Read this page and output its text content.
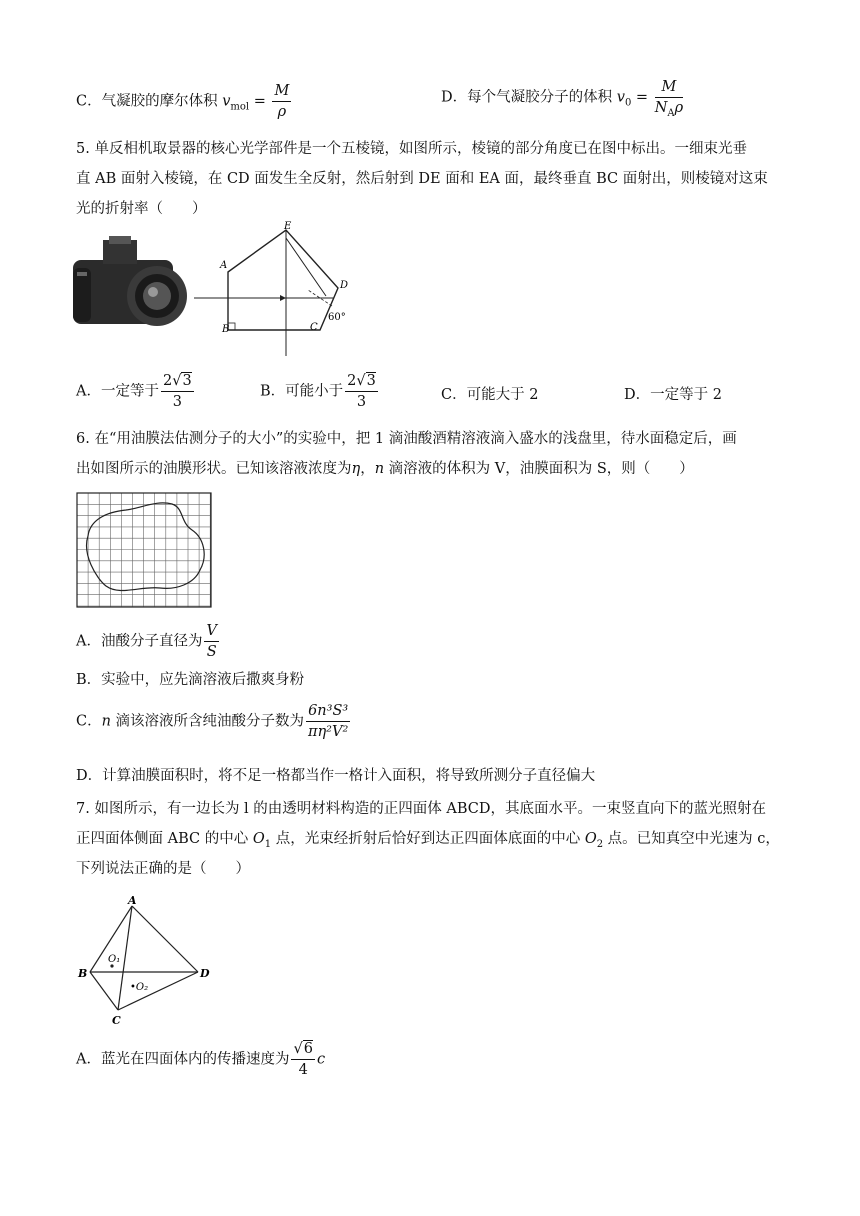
C．气凝胶的摩尔体积 $v_{mol} = \frac{M}{\rho}$	D．每个气凝胶分子的体积 $v_0 = \frac{M}{N_A\rho}$
5. 单反相机取景器的核心光学部件是一个五棱镜，如图所示，棱镜的部分角度已在图中标出。一细束光垂
直 AB 面射入棱镜，在 CD 面发生全反射，然后射到 DE 面和 EA 面，最终垂直 BC 面射出，则棱镜对这束
光的折射率（　　）
A
B	C
D
E
60°
A．一定等于 $\frac{2√3}{3}$	B．可能小于 $\frac{2√3}{3}$	C．可能大于 2	D．一定等于 2
6. 在“用油膜法估测分子的大小”的实验中，把 1 滴油酸酒精溶液滴入盛水的浅盘里，待水面稳定后，画
出如图所示的油膜形状。已知该溶液浓度为η，n 滴溶液的体积为 V，油膜面积为 S，则（　　）
A．油酸分子直径为 $\frac{V}{S}$
B．实验中，应先滴溶液后撒爽身粉
C．n 滴该溶液所含纯油酸分子数为 $\frac{\text{6n³S³}}{\text{πη²V²}}$
D．计算油膜面积时，将不足一格都当作一格计入面积，将导致所测分子直径偏大
7. 如图所示，有一边长为 l 的由透明材料构造的正四面体 ABCD，其底面水平。一束竖直向下的蓝光照射在
正四面体侧面 ABC 的中心 $O_1$ 点，光束经折射后恰好到达正四面体底面的中心 $O_2$ 点。已知真空中光速为 c，
下列说法正确的是（　　）
A
B
C
D
O₁
•O₂
A．蓝光在四面体内的传播速度为 $\frac{√6}{4}$ c
